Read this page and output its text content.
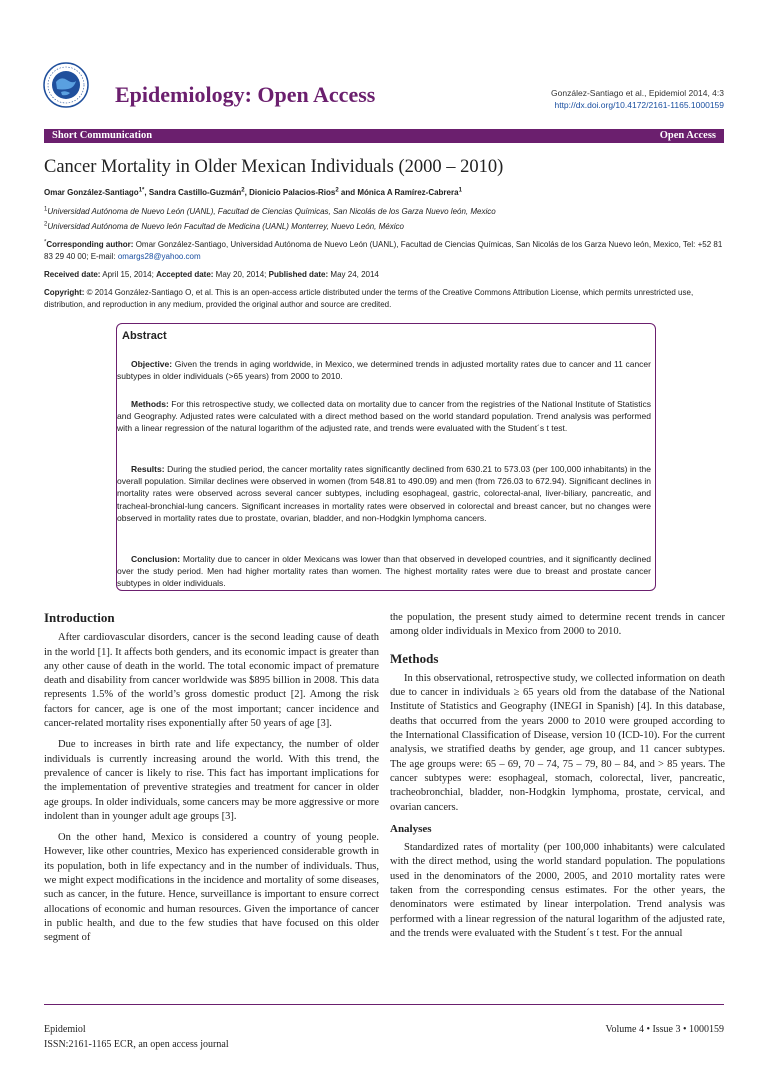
Epidemiology: Open Access	González-Santiago et al., Epidemiol 2014, 4:3
http://dx.doi.org/10.4172/2161-1165.1000159
Short Communication	Open Access
Cancer Mortality in Older Mexican Individuals (2000 – 2010)
Omar González-Santiago$^{1*}$, Sandra Castillo-Guzmán$^2$, Dionicio Palacios-Rios$^2$ and Mónica A Ramírez-Cabrera$^1$
$^1$Universidad Autónoma de Nuevo León (UANL), Facultad de Ciencias Químicas, San Nicolás de los Garza Nuevo león, Mexico
$^2$Universidad Autónoma de Nuevo león Facultad de Medicina (UANL) Monterrey, Nuevo León, México
*Corresponding author: Omar González-Santiago, Universidad Autónoma de Nuevo León (UANL), Facultad de Ciencias Químicas, San Nicolás de los Garza Nuevo león, Mexico, Tel: +52 81 83 29 40 00; E-mail: omargs28@yahoo.com
Received date: April 15, 2014; Accepted date: May 20, 2014; Published date: May 24, 2014
Copyright: © 2014 González-Santiago O, et al. This is an open-access article distributed under the terms of the Creative Commons Attribution License, which permits unrestricted use, distribution, and reproduction in any medium, provided the original author and source are credited.
Abstract
Objective: Given the trends in aging worldwide, in Mexico, we determined trends in adjusted mortality rates due to cancer and 11 cancer subtypes in older individuals (>65 years) from 2000 to 2010.
Methods: For this retrospective study, we collected data on mortality due to cancer from the registries of the National Institute of Statistics and Geography. Adjusted rates were calculated with a direct method based on the world standard population. Trend analysis was performed with a linear regression of the natural logarithm of the adjusted rate, and trends were evaluated with the Student´s t test.
Results: During the studied period, the cancer mortality rates significantly declined from 630.21 to 573.03 (per 100,000 inhabitants) in the overall population. Similar declines were observed in women (from 548.81 to 490.09) and men (from 726.03 to 672.94). Significant declines in mortality rates were observed across several cancer subtypes, including esophageal, gastric, colorectal-anal, liver-biliary, pancreatic, and tracheal-bronchial-lung cancers. Significant increases in mortality rates were observed in colorectal and breast cancer, but no changes were observed in mortality rates due to prostate, ovarian, bladder, and non-Hodgkin lymphoma cancers.
Conclusion: Mortality due to cancer in older Mexicans was lower than that observed in developed countries, and it significantly declined over the study period. Men had higher mortality rates than women. The highest mortality rates were due to breast and prostate cancer subtypes in older individuals.
Introduction

After cardiovascular disorders, cancer is the second leading cause of death in the world [1]. It affects both genders, and its economic impact is greater than any other cause of death in the world. The total economic impact of premature death and disability from cancer worldwide was $895 billion in 2008. This data represents 1.5% of the world’s gross domestic product [2]. Among the risk factors for cancer, age is one of the most important; cancer incidence and cancer-related mortality rises exponentially after 50 years of age [3].

Due to increases in birth rate and life expectancy, the number of older individuals is currently increasing around the world. With this trend, the prevalence of cancer is likely to rise. This fact has important implications for the implementation of preventive strategies and treatment for cancer in older age groups. In older individuals, some cancers may be more aggressive or more indolent than in younger adult age groups [3].

On the other hand, Mexico is considered a country of young people. However, like other countries, Mexico has experienced considerable growth in its population, both in life expectancy and in the number of individuals. Thus, we might expect modifications in the incidence and mortality of some diseases, such as cancer, in the future. Hence, surveillance is important to ensure correct allocations of economic and human resources. Given the importance of cancer in public health, and due to the few studies that have focused on this older segment of

the population, the present study aimed to determine recent trends in cancer among older individuals in Mexico from 2000 to 2010.

Methods

In this observational, retrospective study, we collected information on death due to cancer in individuals ≥ 65 years old from the database of the National Institute of Statistics and Geography (INEGI in Spanish) [4]. In this database, deaths that occurred from the years 2000 to 2010 were grouped according to the International Classification of Disease, version 10 (ICD-10). For the current analysis, we stratified deaths by gender, age group, and 11 cancer subtypes. The age groups were: 65 – 69, 70 – 74, 75 – 79, 80 – 84, and > 85 years. The cancer subtypes were: esophageal, stomach, colorectal, liver, pancreatic, tracheobronchial, bladder, non-Hodgkin lymphoma, prostate, cervical, and ovarian cancers.

Analyses

Standardized rates of mortality (per 100,000 inhabitants) were calculated with the direct method, using the world standard population. The populations used in the denominators of the 2000, 2005, and 2010 mortality rates were taken from the corresponding census estimates. For the other years, the denominators were estimated by linear interpolation. Trend analysis was performed with a linear regression of the natural logarithm of the adjusted rate, and the trends were evaluated with the Student´s t test. For the annual

Epidemiol
ISSN:2161-1165 ECR, an open access journal
Volume 4 • Issue 3 • 1000159
